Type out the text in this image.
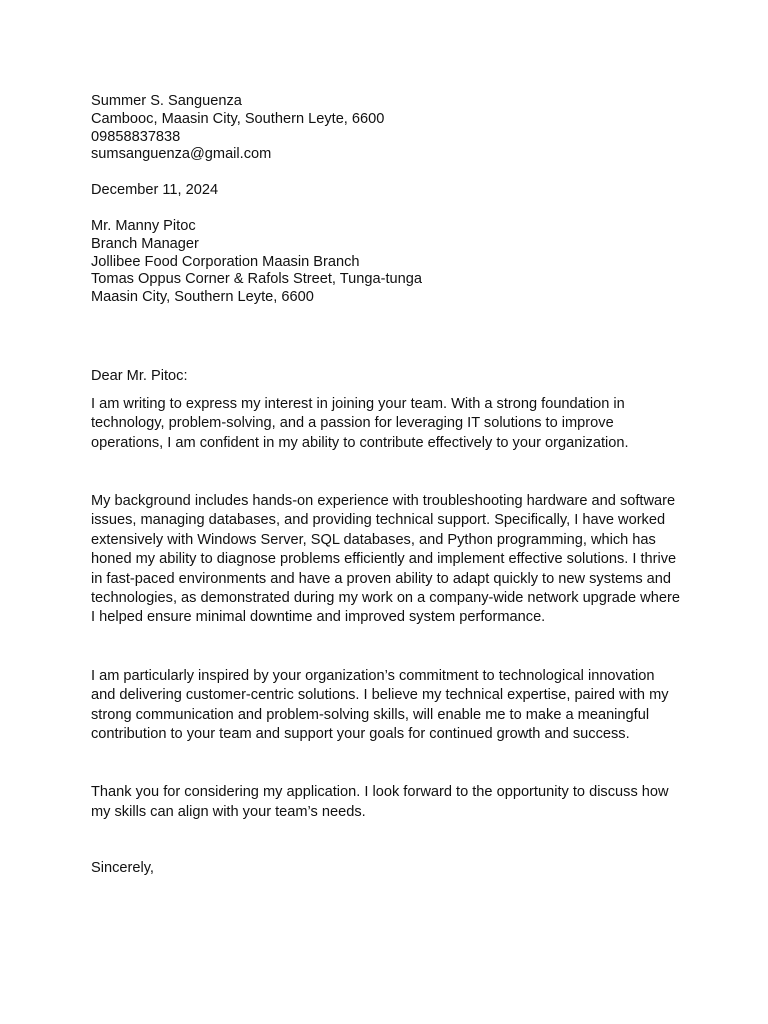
Summer S. Sanguenza
Cambooc, Maasin City, Southern Leyte, 6600
09858837838
sumsanguenza@gmail.com
December 11, 2024
Mr. Manny Pitoc
Branch Manager
Jollibee Food Corporation Maasin Branch
Tomas Oppus Corner & Rafols Street, Tunga-tunga
Maasin City, Southern Leyte, 6600
Dear Mr. Pitoc:

I am writing to express my interest in joining your team. With a strong foundation in technology, problem-solving, and a passion for leveraging IT solutions to improve operations, I am confident in my ability to contribute effectively to your organization.

My background includes hands-on experience with troubleshooting hardware and software issues, managing databases, and providing technical support. Specifically, I have worked extensively with Windows Server, SQL databases, and Python programming, which has honed my ability to diagnose problems efficiently and implement effective solutions. I thrive in fast-paced environments and have a proven ability to adapt quickly to new systems and technologies, as demonstrated during my work on a company-wide network upgrade where I helped ensure minimal downtime and improved system performance.

I am particularly inspired by your organization’s commitment to technological innovation and delivering customer-centric solutions. I believe my technical expertise, paired with my strong communication and problem-solving skills, will enable me to make a meaningful contribution to your team and support your goals for continued growth and success.

Thank you for considering my application. I look forward to the opportunity to discuss how my skills can align with your team’s needs.

Sincerely,
